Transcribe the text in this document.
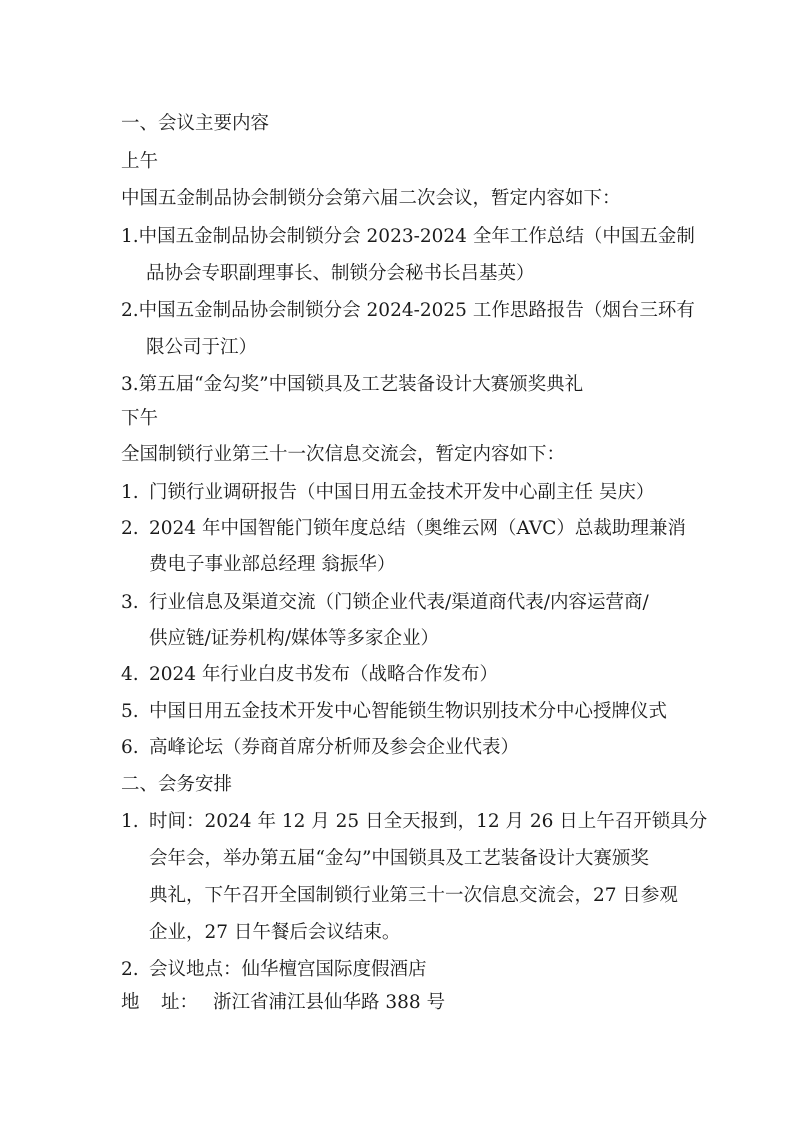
一、会议主要内容
上午
中国五金制品协会制锁分会第六届二次会议，暂定内容如下：
1.中国五金制品协会制锁分会 2023-2024 全年工作总结（中国五金制
品协会专职副理事长、制锁分会秘书长吕基英）
2.中国五金制品协会制锁分会 2024-2025 工作思路报告（烟台三环有
限公司于江）
3.第五届“金勾奖”中国锁具及工艺装备设计大赛颁奖典礼
下午
全国制锁行业第三十一次信息交流会，暂定内容如下：
1. 门锁行业调研报告（中国日用五金技术开发中心副主任 吴庆）
2. 2024 年中国智能门锁年度总结（奥维云网（AVC）总裁助理兼消
费电子事业部总经理 翁振华）
3. 行业信息及渠道交流（门锁企业代表/渠道商代表/内容运营商/
供应链/证券机构/媒体等多家企业）
4. 2024 年行业白皮书发布（战略合作发布）
5. 中国日用五金技术开发中心智能锁生物识别技术分中心授牌仪式
6. 高峰论坛（券商首席分析师及参会企业代表）
二、会务安排
1. 时间：2024 年 12 月 25 日全天报到，12 月 26 日上午召开锁具分
会年会，举办第五届“金勾”中国锁具及工艺装备设计大赛颁奖
典礼，下午召开全国制锁行业第三十一次信息交流会，27 日参观
企业，27 日午餐后会议结束。
2. 会议地点：仙华檀宫国际度假酒店
地 址： 浙江省浦江县仙华路 388 号
